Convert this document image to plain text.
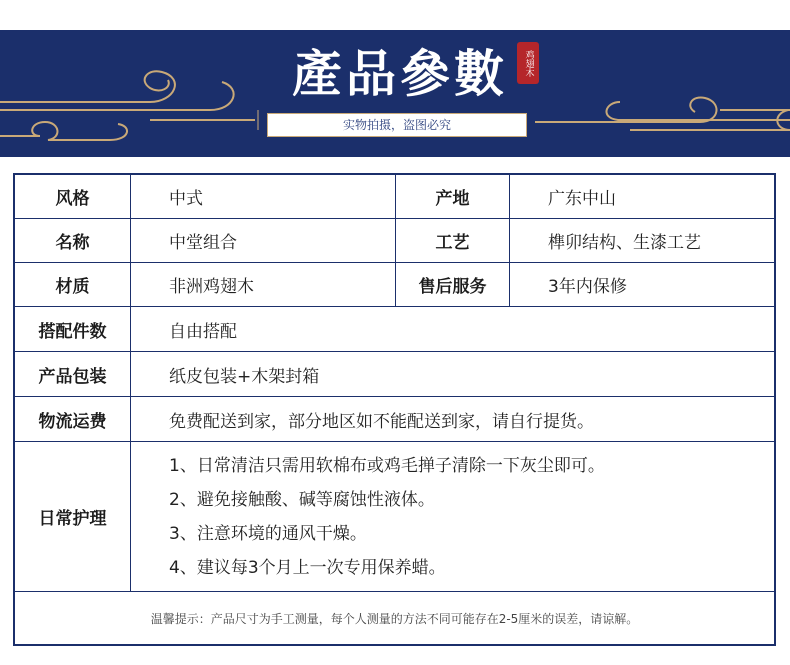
產品參數	鸡翅木
实物拍摄，盗图必究
风格	中式	产地	广东中山
名称	中堂组合	工艺	榫卯结构、生漆工艺
材质	非洲鸡翅木	售后服务	3年内保修
搭配件数	自由搭配
产品包装	纸皮包装+木架封箱
物流运费	免费配送到家，部分地区如不能配送到家，请自行提货。
日常护理
1、日常清洁只需用软棉布或鸡毛掸子清除一下灰尘即可。
2、避免接触酸、碱等腐蚀性液体。
3、注意环境的通风干燥。
4、建议每3个月上一次专用保养蜡。
温馨提示：产品尺寸为手工测量，每个人测量的方法不同可能存在2-5厘米的误差，请谅解。
